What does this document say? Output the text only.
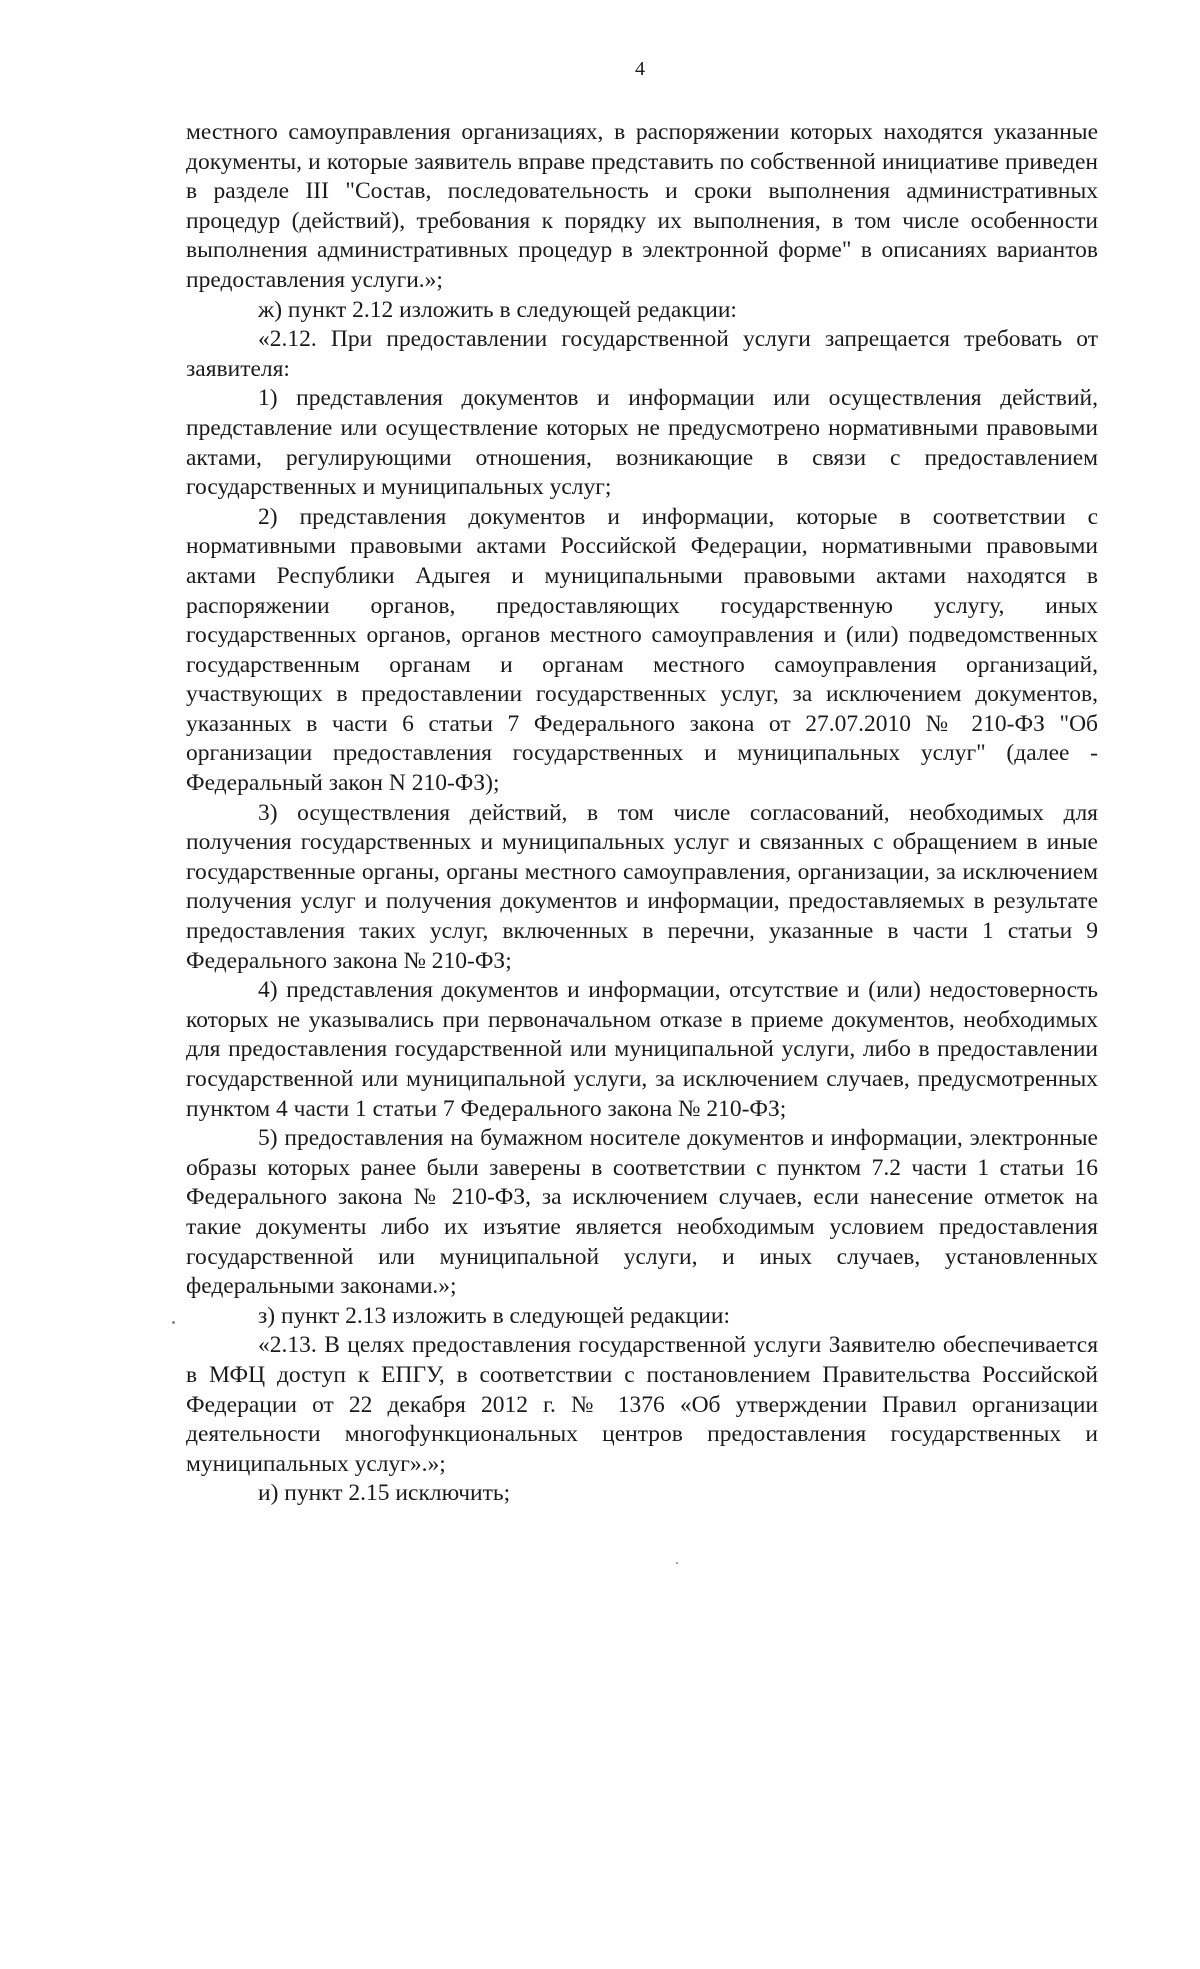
4

местного самоуправления организациях, в распоряжении которых находятся указанные документы, и которые заявитель вправе представить по собственной инициативе приведен в разделе III "Состав, последовательность и сроки выполнения административных процедур (действий), требования к порядку их выполнения, в том числе особенности выполнения административных процедур в электронной форме" в описаниях вариантов предоставления услуги.»;

ж) пункт 2.12 изложить в следующей редакции:

«2.12. При предоставлении государственной услуги запрещается требовать от заявителя:

1) представления документов и информации или осуществления действий, представление или осуществление которых не предусмотрено нормативными правовыми актами, регулирующими отношения, возникающие в связи с предоставлением государственных и муниципальных услуг;

2) представления документов и информации, которые в соответствии с нормативными правовыми актами Российской Федерации, нормативными правовыми актами Республики Адыгея и муниципальными правовыми актами находятся в распоряжении органов, предоставляющих государственную услугу, иных государственных органов, органов местного самоуправления и (или) подведомственных государственным органам и органам местного самоуправления организаций, участвующих в предоставлении государственных услуг, за исключением документов, указанных в части 6 статьи 7 Федерального закона от 27.07.2010 № 210-ФЗ "Об организации предоставления государственных и муниципальных услуг" (далее - Федеральный закон N 210-ФЗ);

3) осуществления действий, в том числе согласований, необходимых для получения государственных и муниципальных услуг и связанных с обращением в иные государственные органы, органы местного самоуправления, организации, за исключением получения услуг и получения документов и информации, предоставляемых в результате предоставления таких услуг, включенных в перечни, указанные в части 1 статьи 9 Федерального закона № 210-ФЗ;

4) представления документов и информации, отсутствие и (или) недостоверность которых не указывались при первоначальном отказе в приеме документов, необходимых для предоставления государственной или муниципальной услуги, либо в предоставлении государственной или муниципальной услуги, за исключением случаев, предусмотренных пунктом 4 части 1 статьи 7 Федерального закона № 210-ФЗ;

5) предоставления на бумажном носителе документов и информации, электронные образы которых ранее были заверены в соответствии с пунктом 7.2 части 1 статьи 16 Федерального закона № 210-ФЗ, за исключением случаев, если нанесение отметок на такие документы либо их изъятие является необходимым условием предоставления государственной или муниципальной услуги, и иных случаев, установленных федеральными законами.»;

з) пункт 2.13 изложить в следующей редакции:

«2.13. В целях предоставления государственной услуги Заявителю обеспечивается в МФЦ доступ к ЕПГУ, в соответствии с постановлением Правительства Российской Федерации от 22 декабря 2012 г. № 1376 «Об утверждении Правил организации деятельности многофункциональных центров предоставления государственных и муниципальных услуг».»;

и) пункт 2.15 исключить;
